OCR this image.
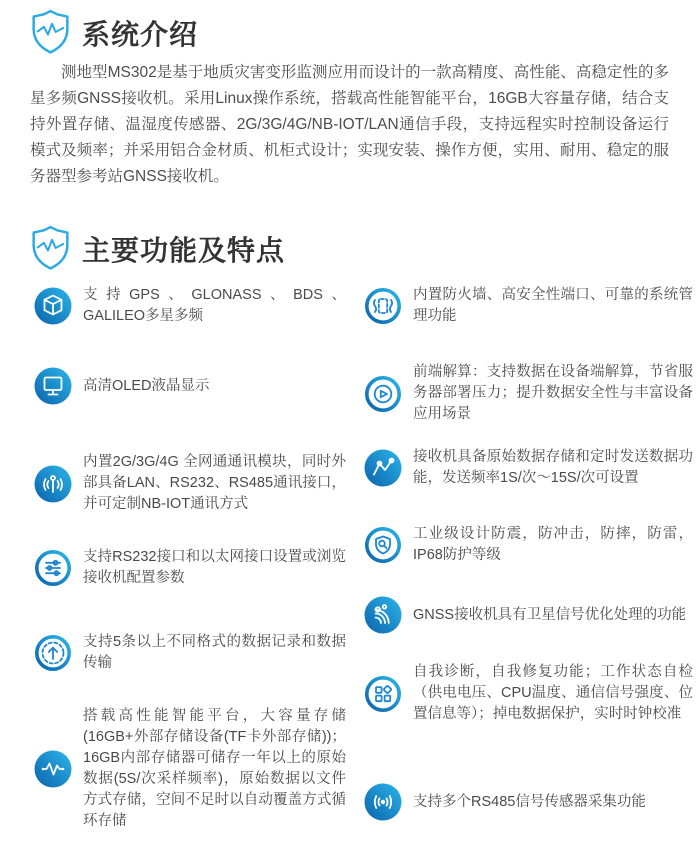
系统介绍

测地型MS302是基于地质灾害变形监测应用而设计的一款高精度、高性能、高稳定性的多星多频GNSS接收机。采用Linux操作系统，搭载高性能智能平台，16GB大容量存储，结合支持外置存储、温湿度传感器、2G/3G/4G/NB-IOT/LAN通信手段，支持远程实时控制设备运行模式及频率；并采用铝合金材质、机柜式设计；实现安装、操作方便，实用、耐用、稳定的服务器型参考站GNSS接收机。

主要功能及特点

支持GPS、GLONASS、BDS、GALILEO多星多频

高清OLED液晶显示

内置2G/3G/4G 全网通通讯模块，同时外部具备LAN、RS232、RS485通讯接口，并可定制NB-IOT通讯方式

支持RS232接口和以太网接口设置或浏览接收机配置参数

支持5条以上不同格式的数据记录和数据传输

搭载高性能智能平台，大容量存储(16GB+外部存储设备(TF卡外部存储))；16GB内部存储器可储存一年以上的原始数据(5S/次采样频率)，原始数据以文件方式存储，空间不足时以自动覆盖方式循环存储

内置防火墙、高安全性端口、可靠的系统管理功能

前端解算：支持数据在设备端解算，节省服务器部署压力；提升数据安全性与丰富设备应用场景

接收机具备原始数据存储和定时发送数据功能，发送频率1S/次～15S/次可设置

工业级设计防震，防冲击，防摔，防雷，IP68防护等级

GNSS接收机具有卫星信号优化处理的功能

自我诊断，自我修复功能；工作状态自检（供电电压、CPU温度、通信信号强度、位置信息等）；掉电数据保护，实时时钟校准

支持多个RS485信号传感器采集功能
